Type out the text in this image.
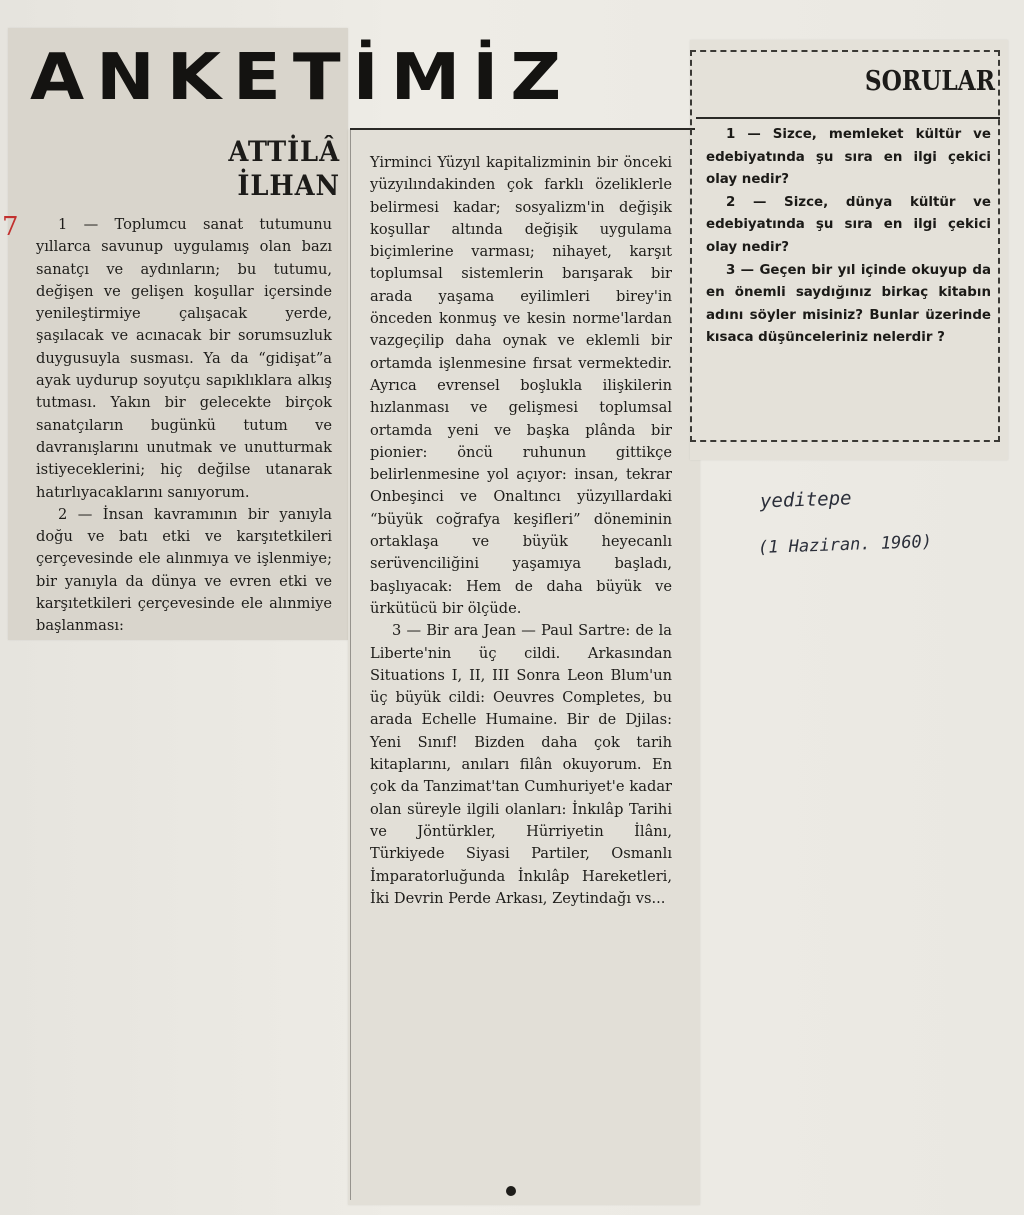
ANKETİMİZ
ATTİLÂ İLHAN
7	1 — Toplumcu sanat tutumunu yıllarca savunup uygulamış olan bazı sanatçı ve aydınların; bu tutumu, değişen ve gelişen koşullar içersinde yenileştirmiye çalışacak yerde, şaşılacak ve acınacak bir sorumsuzluk duygusuyla susması. Ya da “gidişat”a ayak uydurup soyutçu sapıklıklara alkış tutması. Yakın bir gelecekte birçok sanatçıların bugünkü tutum ve davranışlarını unutmak ve unutturmak istiyeceklerini; hiç değilse utanarak hatırlıyacaklarını sanıyorum.

2 — İnsan kavramının bir yanıyla doğu ve batı etki ve karşıtetkileri çerçevesinde ele alınmıya ve işlenmiye; bir yanıyla da dünya ve evren etki ve karşıtetkileri çerçevesinde ele alınmiye başlanması:

Yirminci Yüzyıl kapitalizminin bir önceki yüzyılındakinden çok farklı özeliklerle belirmesi kadar; sosyalizm'in değişik koşullar altında değişik uygulama biçimlerine varması; nihayet, karşıt toplumsal sistemlerin barışarak bir arada yaşama eyilimleri birey'in önceden konmuş ve kesin norme'lardan vazgeçilip daha oynak ve eklemli bir ortamda işlenmesine fırsat vermektedir. Ayrıca evrensel boşlukla ilişkilerin hızlanması ve gelişmesi toplumsal ortamda yeni ve başka plânda bir pionier: öncü ruhunun gittikçe belirlenmesine yol açıyor: insan, tekrar Onbeşinci ve Onaltıncı yüzyıllardaki “büyük coğrafya keşifleri” döneminin ortaklaşa ve büyük heyecanlı serüvenciliğini yaşamıya başladı, başlıyacak: Hem de daha büyük ve ürkütücü bir ölçüde.

3 — Bir ara Jean — Paul Sartre: de la Liberte'nin üç cildi. Arkasından Situations I, II, III Sonra Leon Blum'un üç büyük cildi: Oeuvres Completes, bu arada Echelle Humaine. Bir de Djilas: Yeni Sınıf! Bizden daha çok tarih kitaplarını, anıları filân okuyorum. En çok da Tanzimat'tan Cumhuriyet'e kadar olan süreyle ilgili olanları: İnkılâp Tarihi ve Jöntürkler, Hürriyetin İlânı, Türkiyede Siyasi Partiler, Osmanlı İmparatorluğunda İnkılâp Hareketleri, İki Devrin Perde Arkası, Zeytindağı vs...

SORULAR

1 — Sizce, memleket kültür ve edebiyatında şu sıra en ilgi çekici olay nedir?

2 — Sizce, dünya kültür ve edebiyatında şu sıra en ilgi çekici olay nedir?

3 — Geçen bir yıl içinde okuyup da en önemli saydığınız birkaç kitabın adını söyler misiniz? Bunlar üzerinde kısaca düşünceleriniz nelerdir ?

yeditepe
(1 Haziran. 1960)
